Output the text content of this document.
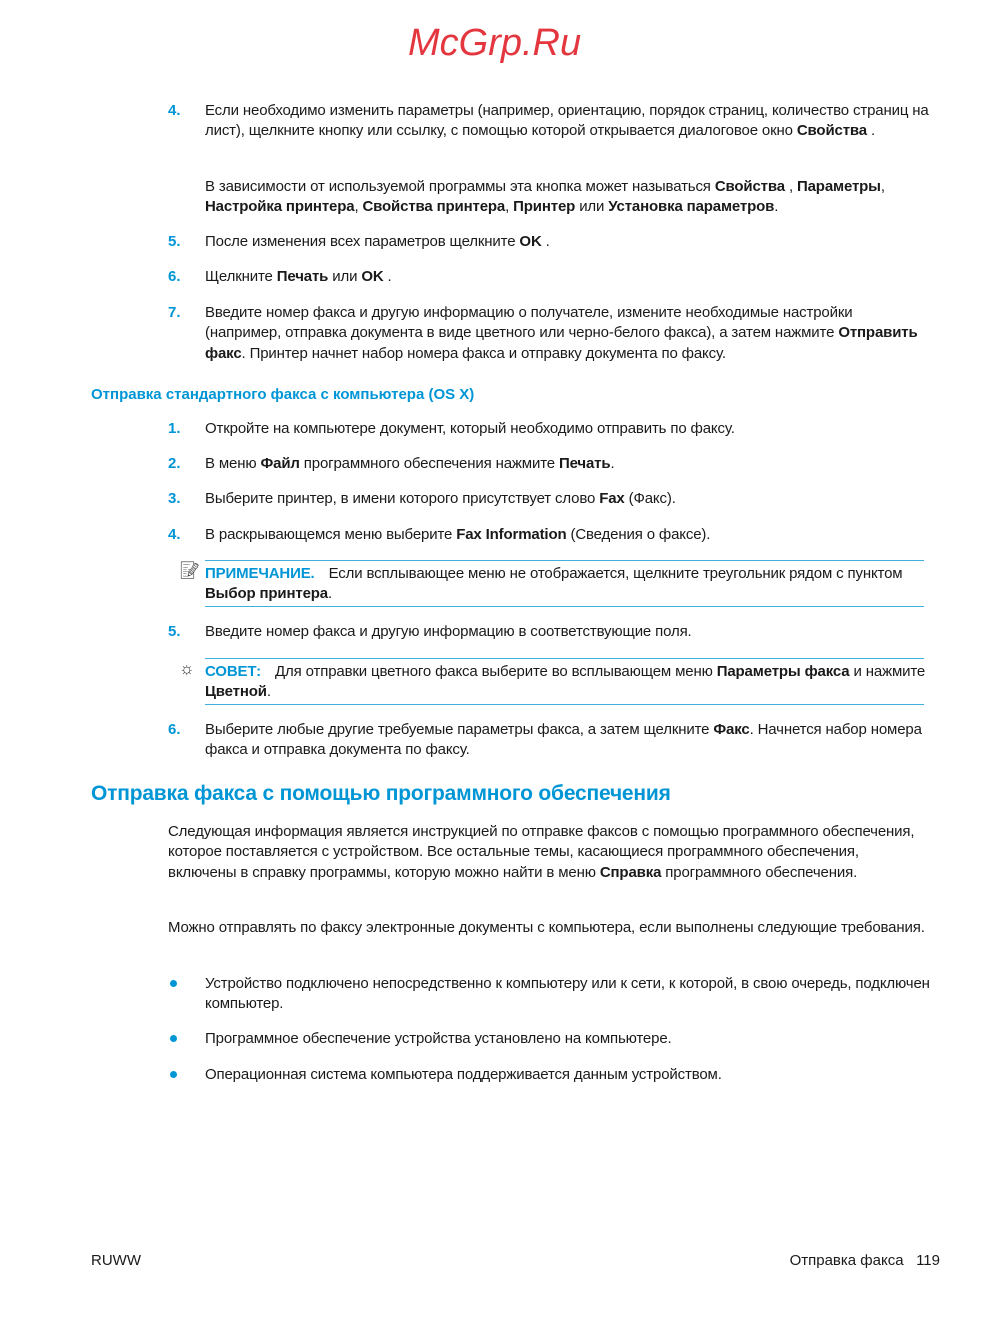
McGrp.Ru
4. Если необходимо изменить параметры (например, ориентацию, порядок страниц, количество страниц на лист), щелкните кнопку или ссылку, с помощью которой открывается диалоговое окно Свойства .
В зависимости от используемой программы эта кнопка может называться Свойства , Параметры, Настройка принтера, Свойства принтера, Принтер или Установка параметров.
5. После изменения всех параметров щелкните OK .
6. Щелкните Печать или OK .
7. Введите номер факса и другую информацию о получателе, измените необходимые настройки (например, отправка документа в виде цветного или черно-белого факса), а затем нажмите Отправить факс. Принтер начнет набор номера факса и отправку документа по факсу.
Отправка стандартного факса с компьютера (OS X)
1. Откройте на компьютере документ, который необходимо отправить по факсу.
2. В меню Файл программного обеспечения нажмите Печать.
3. Выберите принтер, в имени которого присутствует слово Fax (Факс).
4. В раскрывающемся меню выберите Fax Information (Сведения о факсе).
📝︎ ПРИМЕЧАНИЕ. Если всплывающее меню не отображается, щелкните треугольник рядом с пунктом Выбор принтера.
5. Введите номер факса и другую информацию в соответствующие поля.
☼ СОВЕТ: Для отправки цветного факса выберите во всплывающем меню Параметры факса и нажмите Цветной.
6. Выберите любые другие требуемые параметры факса, а затем щелкните Факс. Начнется набор номера факса и отправка документа по факсу.
Отправка факса с помощью программного обеспечения
Следующая информация является инструкцией по отправке факсов с помощью программного обеспечения, которое поставляется с устройством. Все остальные темы, касающиеся программного обеспечения, включены в справку программы, которую можно найти в меню Справка программного обеспечения.
Можно отправлять по факсу электронные документы с компьютера, если выполнены следующие требования.
Устройство подключено непосредственно к компьютеру или к сети, к которой, в свою очередь, подключен компьютер.
Программное обеспечение устройства установлено на компьютере.
Операционная система компьютера поддерживается данным устройством.
RUWW	Отправка факса 119
